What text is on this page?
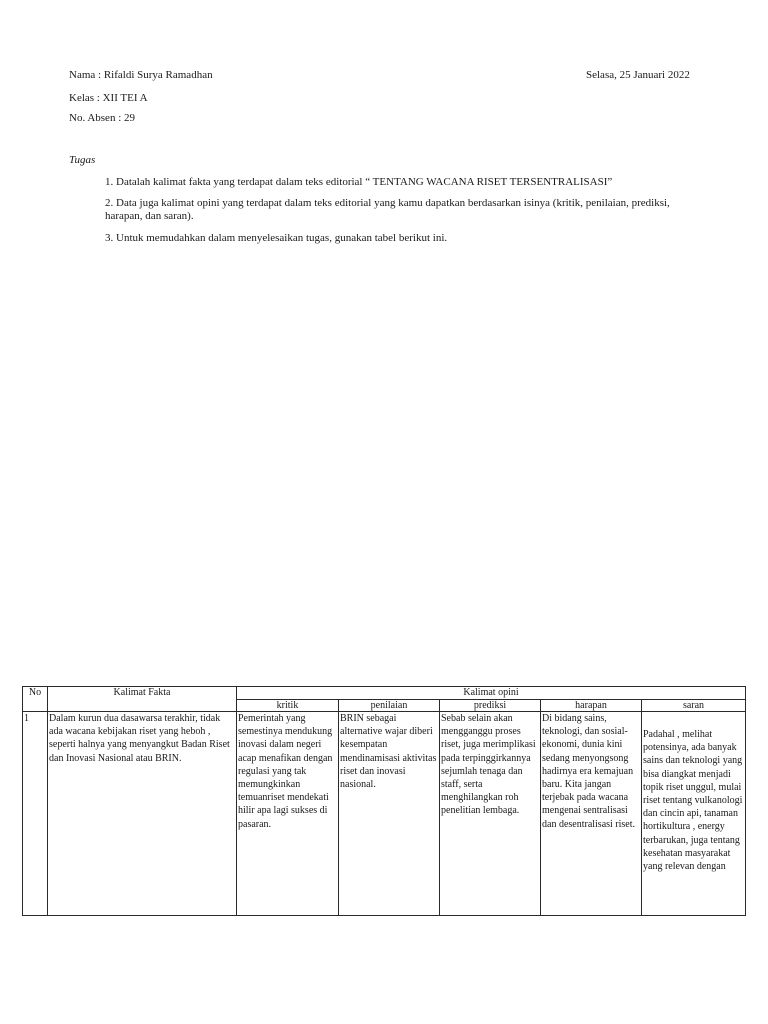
Nama : Rifaldi Surya Ramadhan	Selasa, 25 Januari 2022
Kelas : XII TEI A
No. Absen : 29
Tugas
1. Datalah kalimat fakta yang terdapat dalam teks editorial “ TENTANG WACANA RISET TERSENTRALISASI”
2. Data juga kalimat opini yang terdapat dalam teks editorial yang kamu dapatkan berdasarkan isinya (kritik, penilaian, prediksi, harapan, dan saran).
3. Untuk memudahkan dalam menyelesaikan tugas, gunakan tabel berikut ini.
No	Kalimat Fakta	Kalimat opini				
		kritik	penilaian	prediksi	harapan	saran
1	Dalam kurun dua dasawarsa terakhir, tidak ada wacana kebijakan riset yang heboh , seperti halnya yang menyangkut Badan Riset dan Inovasi Nasional atau BRIN.	Pemerintah yang semestinya mendukung inovasi dalam negeri acap menafikan dengan regulasi yang tak memungkinkan temuanriset mendekati hilir apa lagi sukses di pasaran.	BRIN sebagai alternative wajar diberi kesempatan mendinamisasi aktivitas riset dan inovasi nasional.	Sebab selain akan mengganggu proses riset, juga merimplikasi pada terpinggirkannya sejumlah tenaga dan staff, serta menghilangkan roh penelitian lembaga.	Di bidang sains, teknologi, dan sosial-ekonomi, dunia kini sedang menyongsong hadirnya era kemajuan baru. Kita jangan terjebak pada wacana mengenai sentralisasi dan desentralisasi riset.	Padahal , melihat potensinya, ada banyak sains dan teknologi yang bisa diangkat menjadi topik riset unggul, mulai riset tentang vulkanologi dan cincin api, tanaman hortikultura , energy terbarukan, juga tentang kesehatan masyarakat yang relevan dengan
